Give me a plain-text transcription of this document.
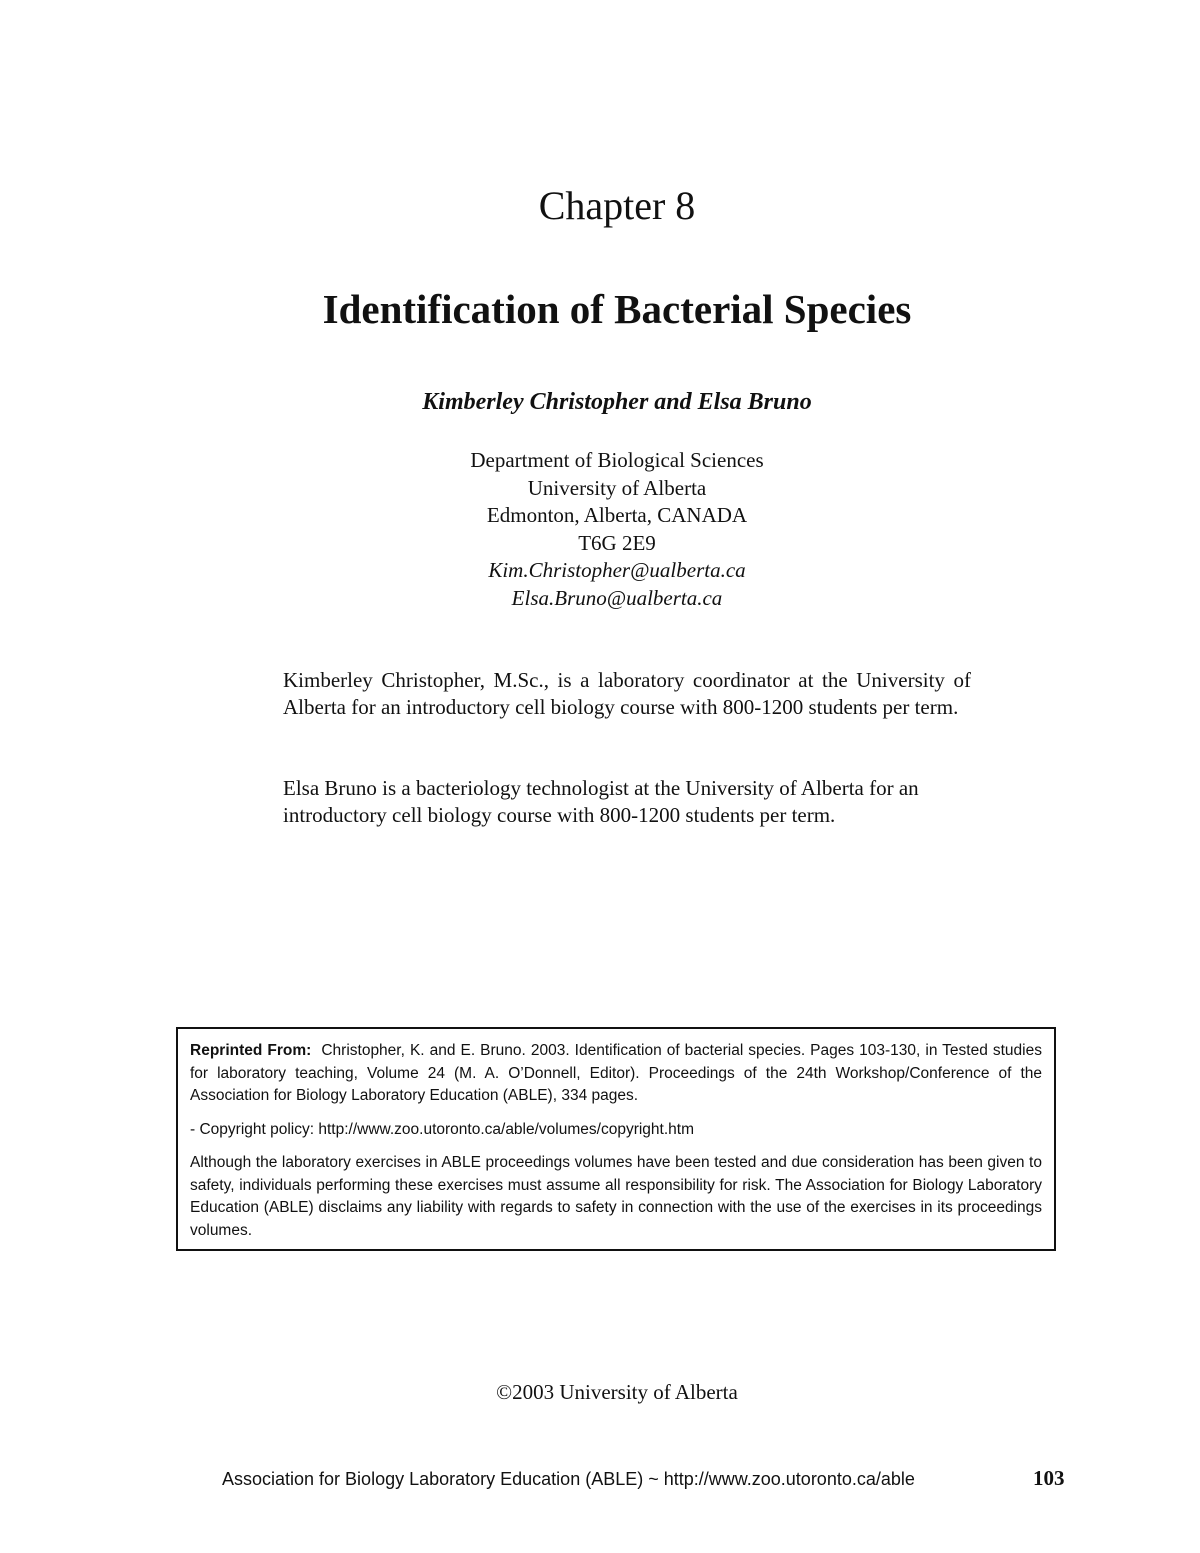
Chapter 8
Identification of Bacterial Species
Kimberley Christopher and Elsa Bruno
Department of Biological Sciences
University of Alberta
Edmonton, Alberta, CANADA
T6G 2E9
Kim.Christopher@ualberta.ca
Elsa.Bruno@ualberta.ca
Kimberley Christopher, M.Sc., is a laboratory coordinator at the University of Alberta for an introductory cell biology course with 800-1200 students per term.
Elsa Bruno is a bacteriology technologist at the University of Alberta for an introductory cell biology course with 800-1200 students per term.

Reprinted From: Christopher, K. and E. Bruno. 2003. Identification of bacterial species. Pages 103-130, in Tested studies for laboratory teaching, Volume 24 (M. A. O’Donnell, Editor). Proceedings of the 24th Workshop/Conference of the Association for Biology Laboratory Education (ABLE), 334 pages.

- Copyright policy: http://www.zoo.utoronto.ca/able/volumes/copyright.htm

Although the laboratory exercises in ABLE proceedings volumes have been tested and due consideration has been given to safety, individuals performing these exercises must assume all responsibility for risk. The Association for Biology Laboratory Education (ABLE) disclaims any liability with regards to safety in connection with the use of the exercises in its proceedings volumes.

©2003 University of Alberta
Association for Biology Laboratory Education (ABLE) ~ http://www.zoo.utoronto.ca/able	103
